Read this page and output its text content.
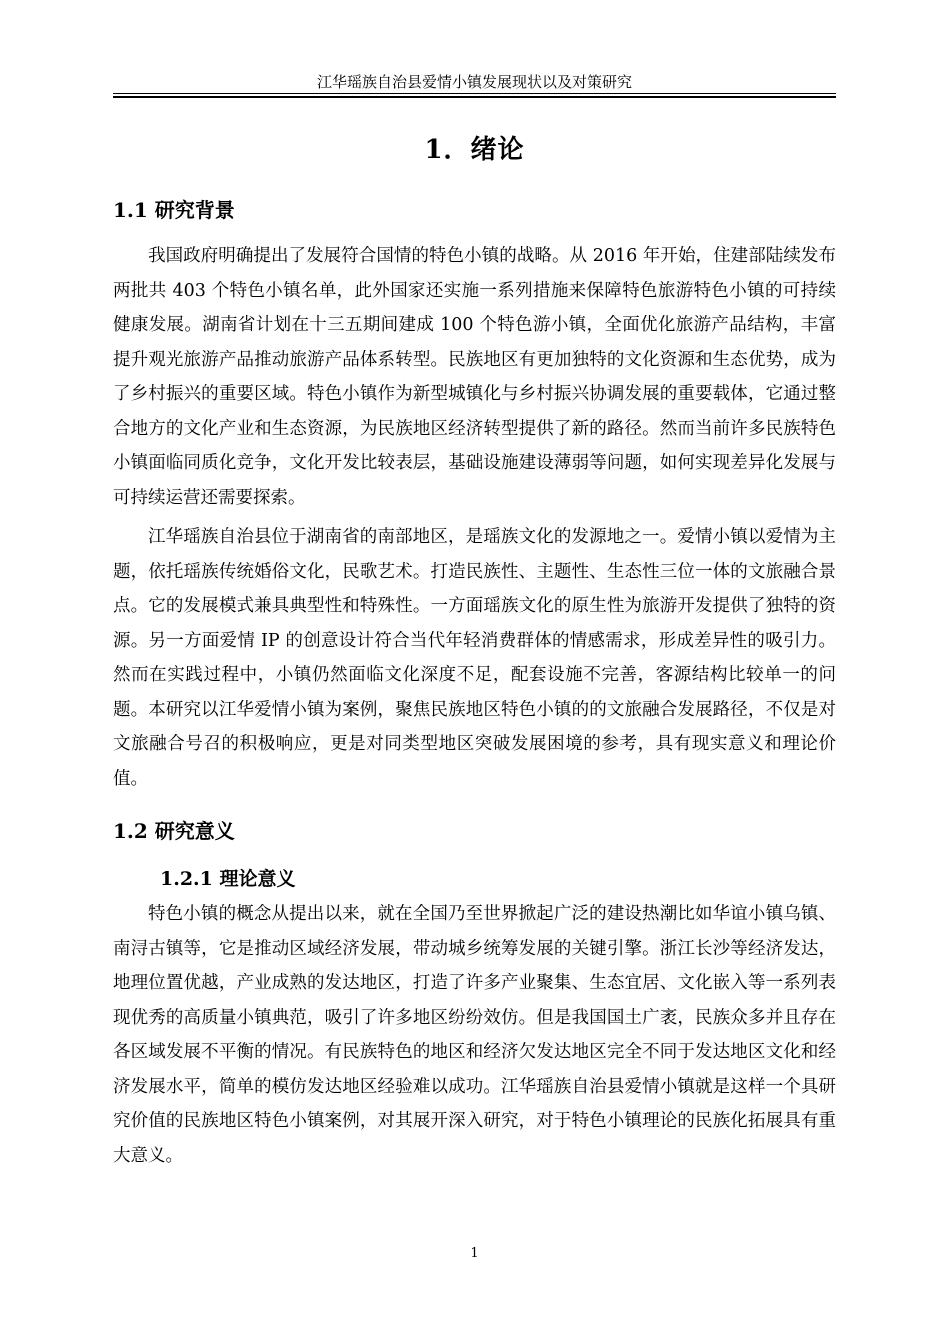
江华瑶族自治县爱情小镇发展现状以及对策研究
1．绪论
1.1 研究背景

我国政府明确提出了发展符合国情的特色小镇的战略。从 2016 年开始，住建部陆续发布两批共 403 个特色小镇名单，此外国家还实施一系列措施来保障特色旅游特色小镇的可持续健康发展。湖南省计划在十三五期间建成 100 个特色游小镇，全面优化旅游产品结构，丰富提升观光旅游产品推动旅游产品体系转型。民族地区有更加独特的文化资源和生态优势，成为了乡村振兴的重要区域。特色小镇作为新型城镇化与乡村振兴协调发展的重要载体，它通过整合地方的文化产业和生态资源，为民族地区经济转型提供了新的路径。然而当前许多民族特色小镇面临同质化竞争，文化开发比较表层，基础设施建设薄弱等问题，如何实现差异化发展与可持续运营还需要探索。

江华瑶族自治县位于湖南省的南部地区，是瑶族文化的发源地之一。爱情小镇以爱情为主题，依托瑶族传统婚俗文化，民歌艺术。打造民族性、主题性、生态性三位一体的文旅融合景点。它的发展模式兼具典型性和特殊性。一方面瑶族文化的原生性为旅游开发提供了独特的资源。另一方面爱情 IP 的创意设计符合当代年轻消费群体的情感需求，形成差异性的吸引力。然而在实践过程中，小镇仍然面临文化深度不足，配套设施不完善，客源结构比较单一的问题。本研究以江华爱情小镇为案例，聚焦民族地区特色小镇的的文旅融合发展路径，不仅是对文旅融合号召的积极响应，更是对同类型地区突破发展困境的参考，具有现实意义和理论价值。

1.2 研究意义
1.2.1 理论意义

特色小镇的概念从提出以来，就在全国乃至世界掀起广泛的建设热潮比如华谊小镇乌镇、南浔古镇等，它是推动区域经济发展，带动城乡统筹发展的关键引擎。浙江长沙等经济发达，地理位置优越，产业成熟的发达地区，打造了许多产业聚集、生态宜居、文化嵌入等一系列表现优秀的高质量小镇典范，吸引了许多地区纷纷效仿。但是我国国土广袤，民族众多并且存在各区域发展不平衡的情况。有民族特色的地区和经济欠发达地区完全不同于发达地区文化和经济发展水平，简单的模仿发达地区经验难以成功。江华瑶族自治县爱情小镇就是这样一个具研究价值的民族地区特色小镇案例，对其展开深入研究，对于特色小镇理论的民族化拓展具有重大意义。

1
